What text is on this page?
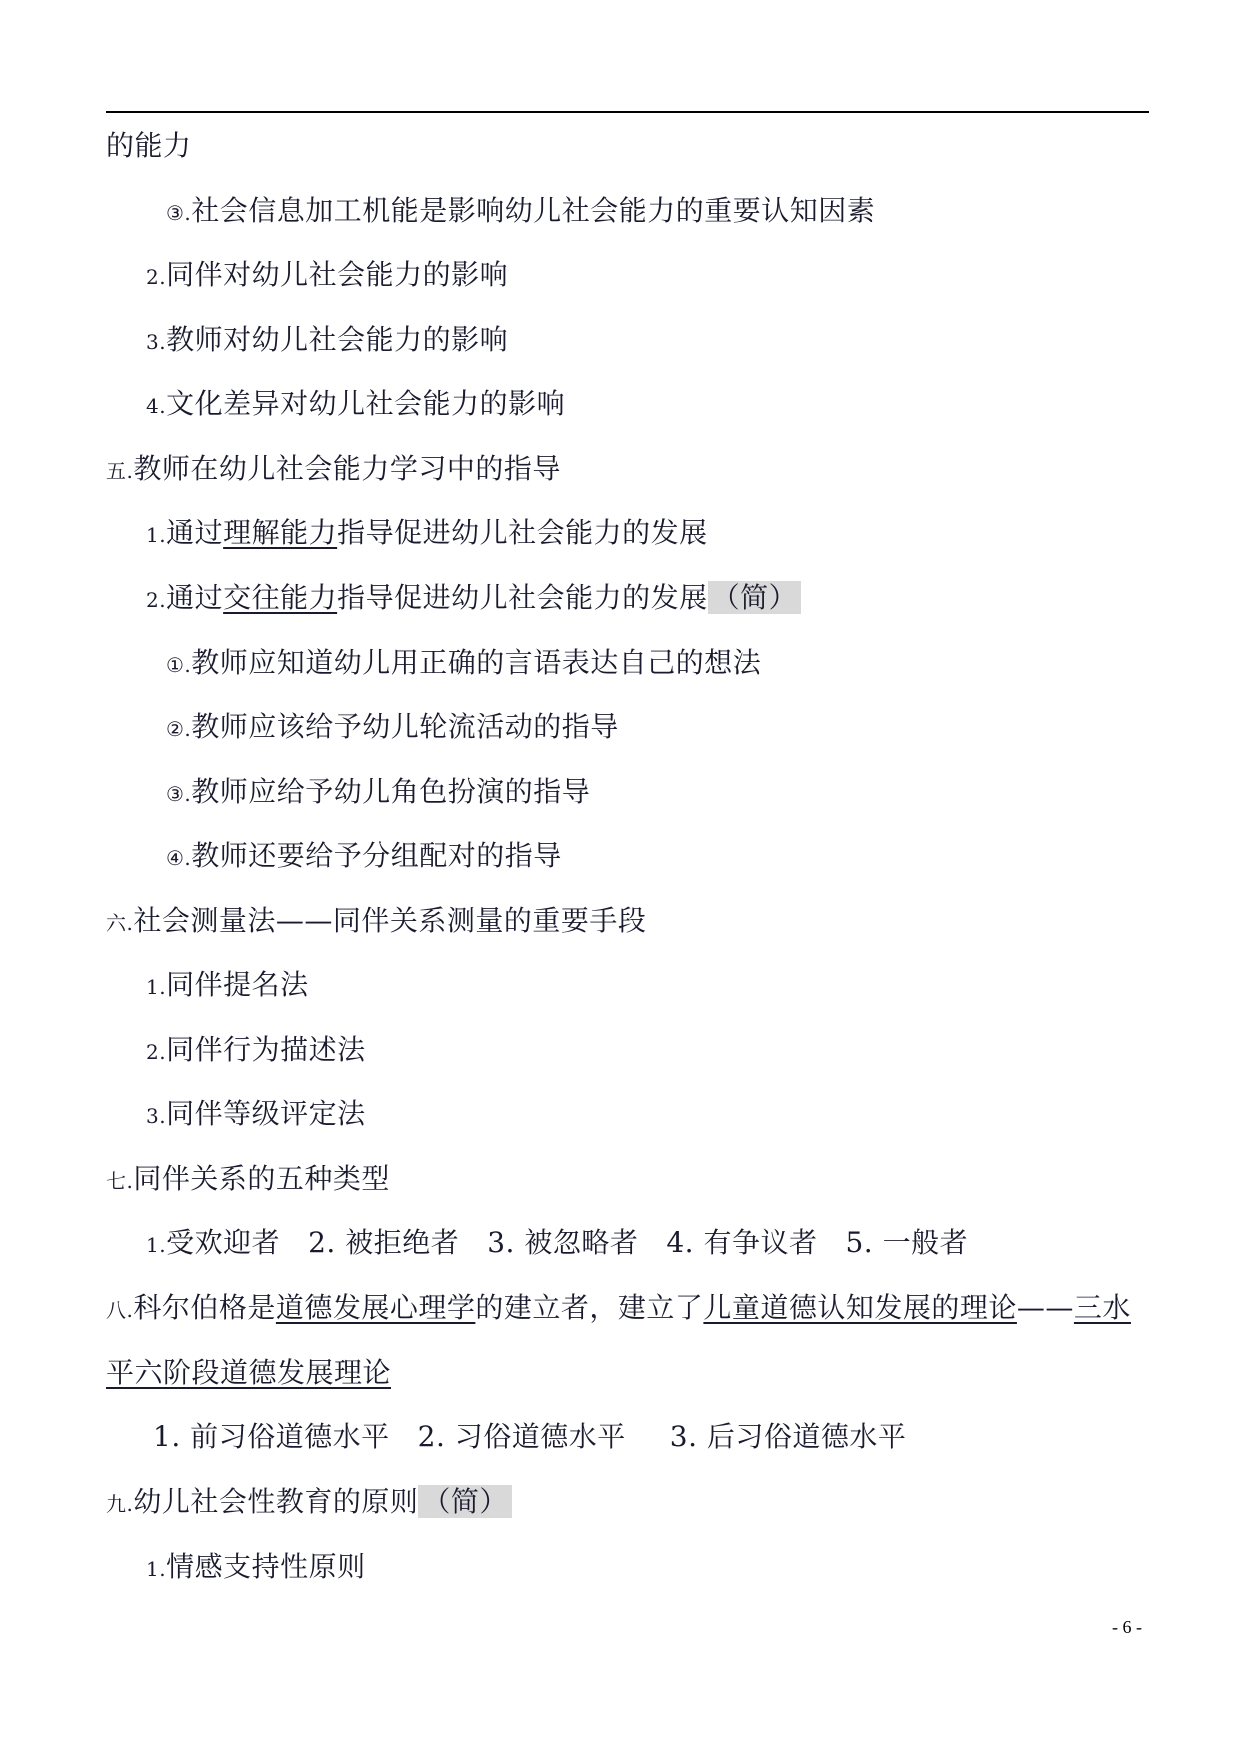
的能力
③.社会信息加工机能是影响幼儿社会能力的重要认知因素
2.同伴对幼儿社会能力的影响
3.教师对幼儿社会能力的影响
4.文化差异对幼儿社会能力的影响
五.教师在幼儿社会能力学习中的指导
1.通过理解能力指导促进幼儿社会能力的发展
2.通过交往能力指导促进幼儿社会能力的发展 （简）
①.教师应知道幼儿用正确的言语表达自己的想法
②.教师应该给予幼儿轮流活动的指导
③.教师应给予幼儿角色扮演的指导
④.教师还要给予分组配对的指导
六.社会测量法——同伴关系测量的重要手段
1.同伴提名法
2.同伴行为描述法
3.同伴等级评定法
七.同伴关系的五种类型
1.受欢迎者 2. 被拒绝者 3. 被忽略者 4. 有争议者 5. 一般者
八.科尔伯格是道德发展心理学的建立者，建立了儿童道德认知发展的理论——三水
平六阶段道德发展理论
1. 前习俗道德水平 2. 习俗道德水平 3. 后习俗道德水平
九.幼儿社会性教育的原则 （简）
1.情感支持性原则
- 6 -
